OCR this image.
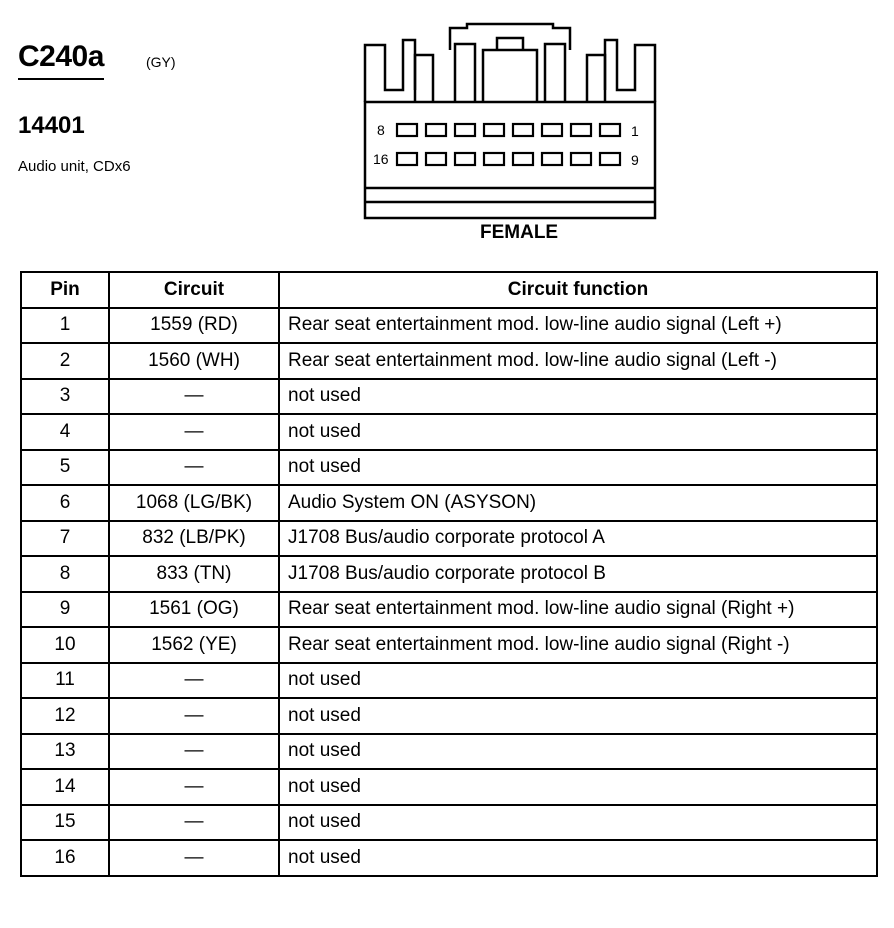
C240a	(GY)
14401
Audio unit, CDx6
8	1
16	9
FEMALE
Pin	Circuit	Circuit function
1	1559 (RD)	Rear seat entertainment mod. low-line audio signal (Left +)
2	1560 (WH)	Rear seat entertainment mod. low-line audio signal (Left -)
3	—	not used
4	—	not used
5	—	not used
6	1068 (LG/BK)	Audio System ON (ASYSON)
7	832 (LB/PK)	J1708 Bus/audio corporate protocol A
8	833 (TN)	J1708 Bus/audio corporate protocol B
9	1561 (OG)	Rear seat entertainment mod. low-line audio signal (Right +)
10	1562 (YE)	Rear seat entertainment mod. low-line audio signal (Right -)
11	—	not used
12	—	not used
13	—	not used
14	—	not used
15	—	not used
16	—	not used
